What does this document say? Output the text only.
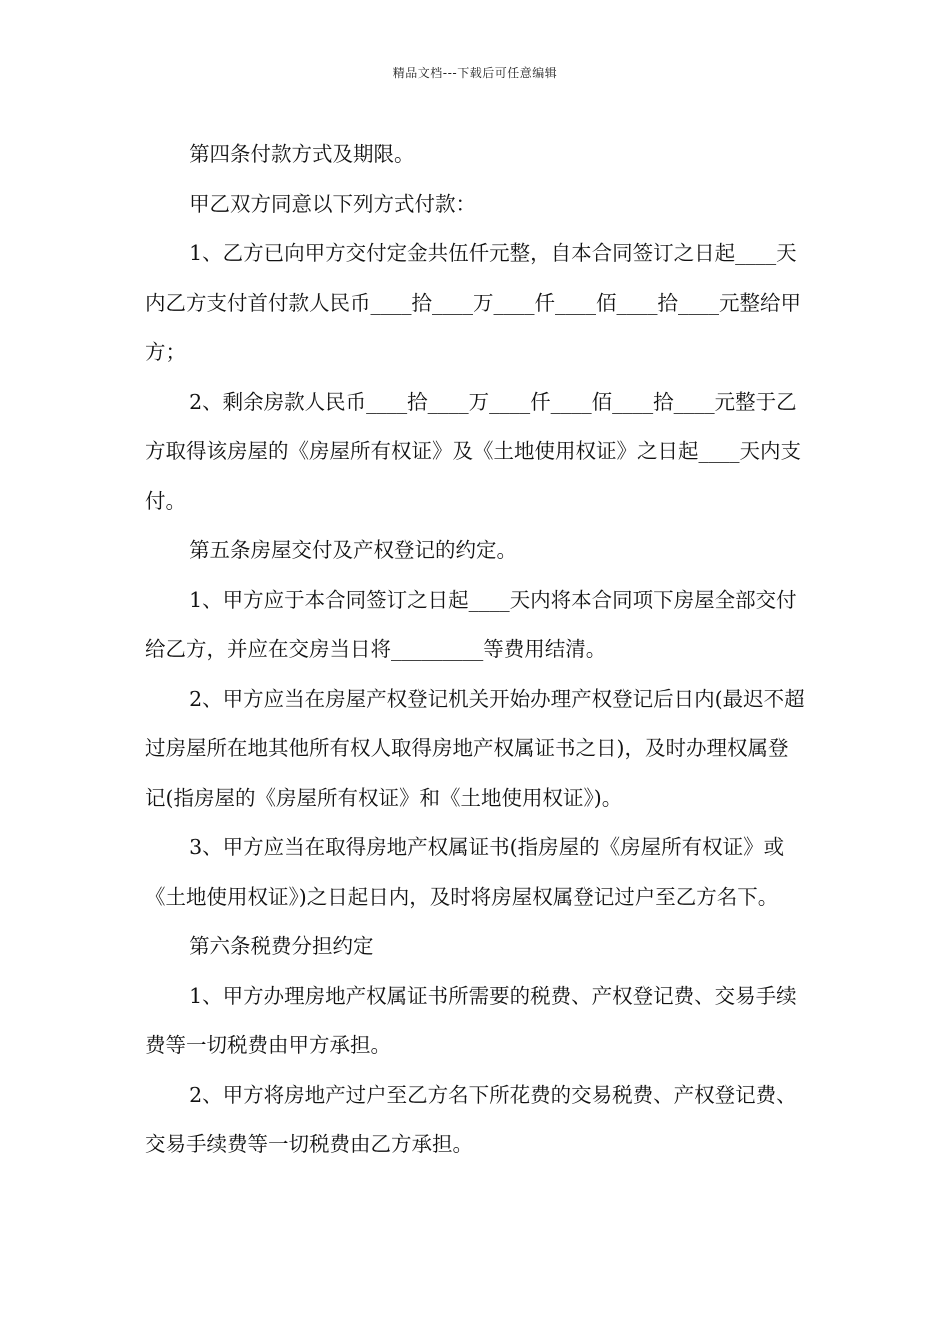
精品文档---下载后可任意编辑

第四条付款方式及期限。

甲乙双方同意以下列方式付款：

1、乙方已向甲方交付定金共伍仟元整，自本合同签订之日起____天内乙方支付首付款人民币____拾____万____仟____佰____拾____元整给甲方；

2、剩余房款人民币____拾____万____仟____佰____拾____元整于乙方取得该房屋的《房屋所有权证》及《土地使用权证》之日起____天内支付。

第五条房屋交付及产权登记的约定。

1、甲方应于本合同签订之日起____天内将本合同项下房屋全部交付给乙方，并应在交房当日将_________等费用结清。

2、甲方应当在房屋产权登记机关开始办理产权登记后日内(最迟不超过房屋所在地其他所有权人取得房地产权属证书之日)，及时办理权属登记(指房屋的《房屋所有权证》和《土地使用权证》)。

3、甲方应当在取得房地产权属证书(指房屋的《房屋所有权证》或《土地使用权证》)之日起日内，及时将房屋权属登记过户至乙方名下。

第六条税费分担约定

1、甲方办理房地产权属证书所需要的税费、产权登记费、交易手续费等一切税费由甲方承担。

2、甲方将房地产过户至乙方名下所花费的交易税费、产权登记费、交易手续费等一切税费由乙方承担。
